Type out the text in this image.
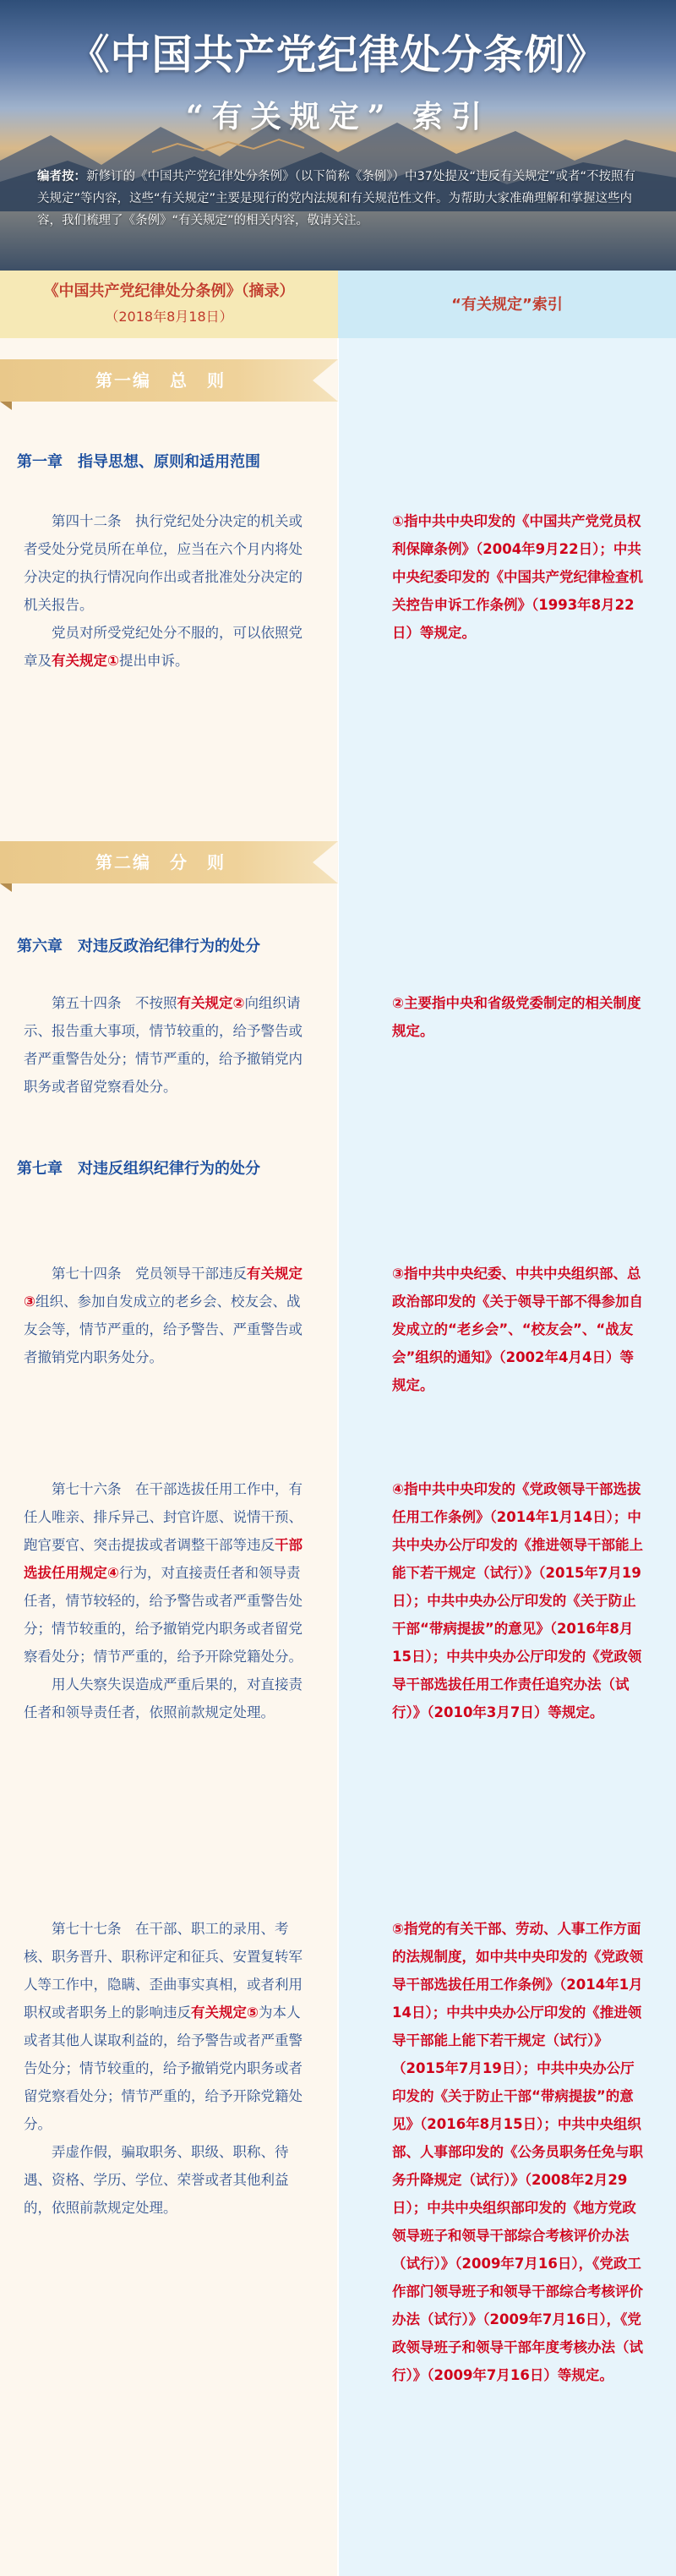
《中国共产党纪律处分条例》
“有关规定” 索引
编者按：新修订的《中国共产党纪律处分条例》（以下简称《条例》）中37处提及“违反有关规定”或者“不按照有关规定”等内容，这些“有关规定”主要是现行的党内法规和有关规范性文件。为帮助大家准确理解和掌握这些内容，我们梳理了《条例》“有关规定”的相关内容，敬请关注。
《中国共产党纪律处分条例》（摘录）
（2018年8月18日）
“有关规定”索引
第一编　总　则
第一章　指导思想、原则和适用范围
第四十二条　执行党纪处分决定的机关或者受处分党员所在单位，应当在六个月内将处分决定的执行情况向作出或者批准处分决定的机关报告。
党员对所受党纪处分不服的，可以依照党章及有关规定①提出申诉。
①指中共中央印发的《中国共产党党员权利保障条例》（2004年9月22日）；中共中央纪委印发的《中国共产党纪律检查机关控告申诉工作条例》（1993年8月22日）等规定。
第二编　分　则
第六章　对违反政治纪律行为的处分
第五十四条　不按照有关规定②向组织请示、报告重大事项，情节较重的，给予警告或者严重警告处分；情节严重的，给予撤销党内职务或者留党察看处分。
②主要指中央和省级党委制定的相关制度规定。
第七章　对违反组织纪律行为的处分
第七十四条　党员领导干部违反有关规定③组织、参加自发成立的老乡会、校友会、战友会等，情节严重的，给予警告、严重警告或者撤销党内职务处分。
③指中共中央纪委、中共中央组织部、总政治部印发的《关于领导干部不得参加自发成立的“老乡会”、“校友会”、“战友会”组织的通知》（2002年4月4日）等规定。
第七十六条　在干部选拔任用工作中，有任人唯亲、排斥异己、封官许愿、说情干预、跑官要官、突击提拔或者调整干部等违反干部选拔任用规定④行为，对直接责任者和领导责任者，情节较轻的，给予警告或者严重警告处分；情节较重的，给予撤销党内职务或者留党察看处分；情节严重的，给予开除党籍处分。
用人失察失误造成严重后果的，对直接责任者和领导责任者，依照前款规定处理。
④指中共中央印发的《党政领导干部选拔任用工作条例》（2014年1月14日）；中共中央办公厅印发的《推进领导干部能上能下若干规定（试行）》（2015年7月19日）；中共中央办公厅印发的《关于防止干部“带病提拔”的意见》（2016年8月15日）；中共中央办公厅印发的《党政领导干部选拔任用工作责任追究办法（试行）》（2010年3月7日）等规定。
第七十七条　在干部、职工的录用、考核、职务晋升、职称评定和征兵、安置复转军人等工作中，隐瞒、歪曲事实真相，或者利用职权或者职务上的影响违反有关规定⑤为本人或者其他人谋取利益的，给予警告或者严重警告处分；情节较重的，给予撤销党内职务或者留党察看处分；情节严重的，给予开除党籍处分。
弄虚作假，骗取职务、职级、职称、待遇、资格、学历、学位、荣誉或者其他利益的，依照前款规定处理。
⑤指党的有关干部、劳动、人事工作方面的法规制度，如中共中央印发的《党政领导干部选拔任用工作条例》（2014年1月14日）；中共中央办公厅印发的《推进领导干部能上能下若干规定（试行）》（2015年7月19日）；中共中央办公厅印发的《关于防止干部“带病提拔”的意见》（2016年8月15日）；中共中央组织部、人事部印发的《公务员职务任免与职务升降规定（试行）》（2008年2月29日）；中共中央组织部印发的《地方党政领导班子和领导干部综合考核评价办法（试行）》（2009年7月16日），《党政工作部门领导班子和领导干部综合考核评价办法（试行）》（2009年7月16日），《党政领导班子和领导干部年度考核办法（试行）》（2009年7月16日）等规定。
